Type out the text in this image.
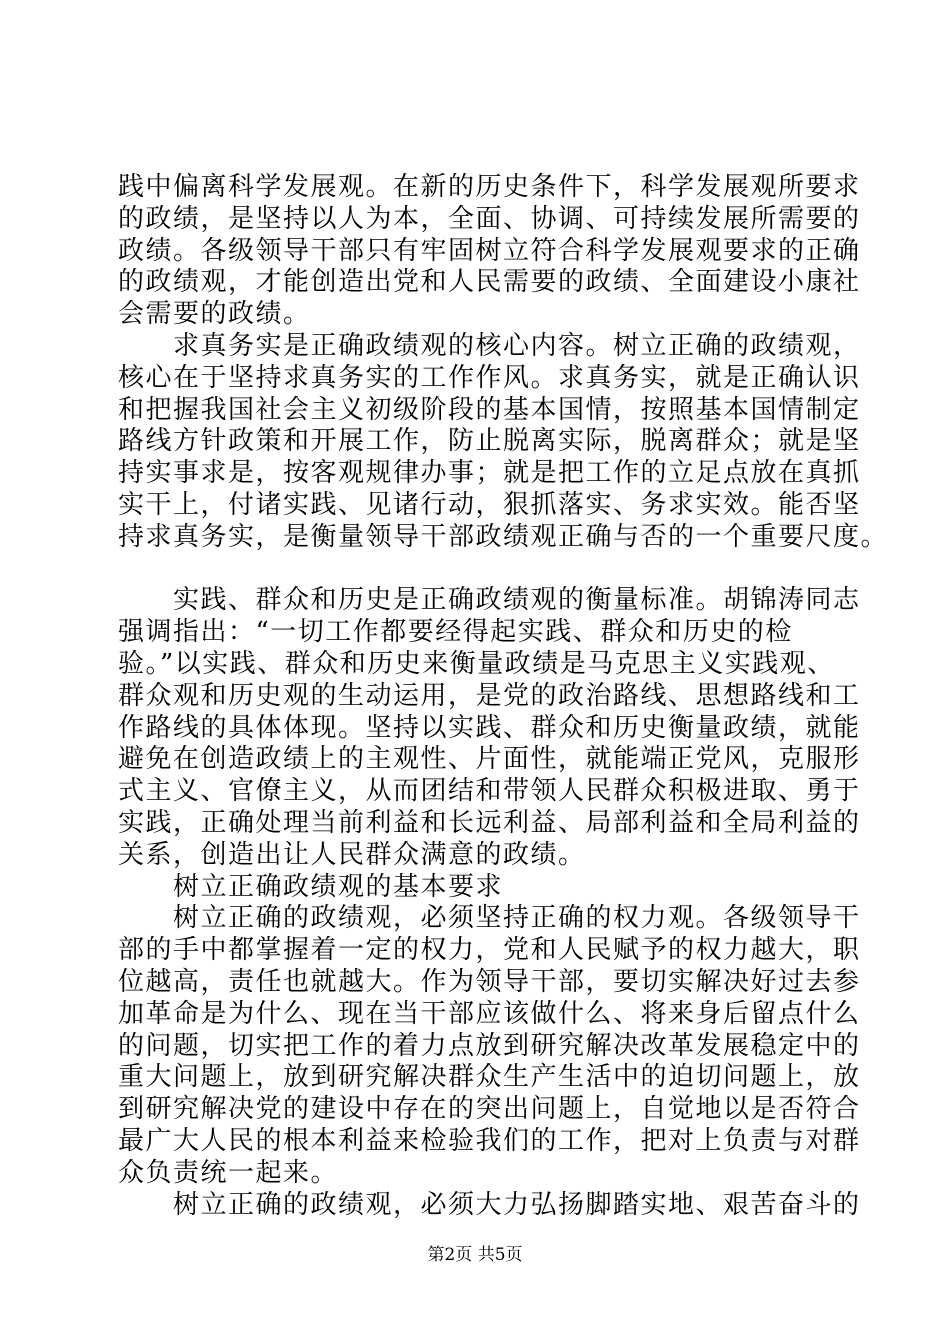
践中偏离科学发展观。在新的历史条件下，科学发展观所要求
的政绩，是坚持以人为本，全面、协调、可持续发展所需要的
政绩。各级领导干部只有牢固树立符合科学发展观要求的正确
的政绩观，才能创造出党和人民需要的政绩、全面建设小康社
会需要的政绩。
　　求真务实是正确政绩观的核心内容。树立正确的政绩观，
核心在于坚持求真务实的工作作风。求真务实，就是正确认识
和把握我国社会主义初级阶段的基本国情，按照基本国情制定
路线方针政策和开展工作，防止脱离实际，脱离群众；就是坚
持实事求是，按客观规律办事；就是把工作的立足点放在真抓
实干上，付诸实践、见诸行动，狠抓落实、务求实效。能否坚
持求真务实，是衡量领导干部政绩观正确与否的一个重要尺度。
　　实践、群众和历史是正确政绩观的衡量标准。胡锦涛同志
强调指出：“一切工作都要经得起实践、群众和历史的检
验。”以实践、群众和历史来衡量政绩是马克思主义实践观、
群众观和历史观的生动运用，是党的政治路线、思想路线和工
作路线的具体体现。坚持以实践、群众和历史衡量政绩，就能
避免在创造政绩上的主观性、片面性，就能端正党风，克服形
式主义、官僚主义，从而团结和带领人民群众积极进取、勇于
实践，正确处理当前利益和长远利益、局部利益和全局利益的
关系，创造出让人民群众满意的政绩。
　　树立正确政绩观的基本要求
　　树立正确的政绩观，必须坚持正确的权力观。各级领导干
部的手中都掌握着一定的权力，党和人民赋予的权力越大，职
位越高，责任也就越大。作为领导干部，要切实解决好过去参
加革命是为什么、现在当干部应该做什么、将来身后留点什么
的问题，切实把工作的着力点放到研究解决改革发展稳定中的
重大问题上，放到研究解决群众生产生活中的迫切问题上，放
到研究解决党的建设中存在的突出问题上，自觉地以是否符合
最广大人民的根本利益来检验我们的工作，把对上负责与对群
众负责统一起来。
　　树立正确的政绩观，必须大力弘扬脚踏实地、艰苦奋斗的
第2页 共5页
